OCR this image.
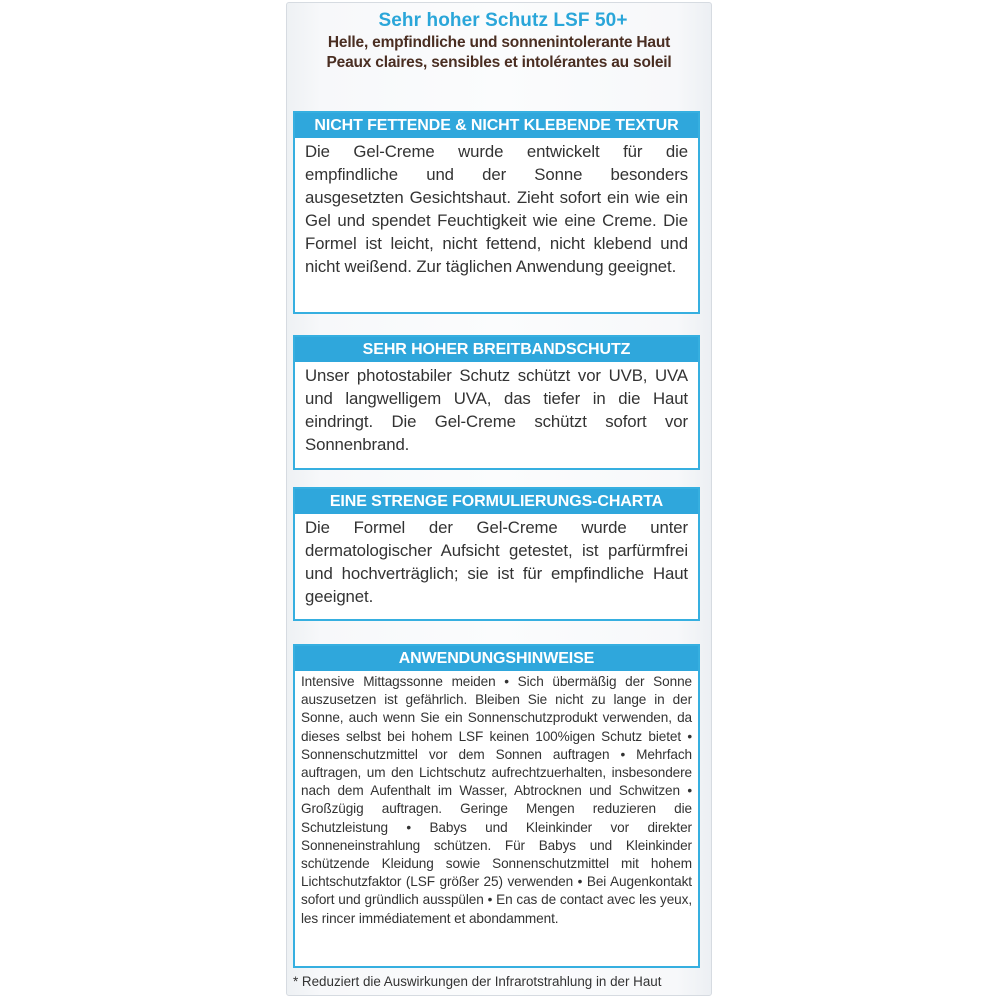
Sehr hoher Schutz LSF 50+
Helle, empfindliche und sonnenintolerante Haut
Peaux claires, sensibles et intolérantes au soleil
NICHT FETTENDE & NICHT KLEBENDE TEXTUR
Die Gel-Creme wurde entwickelt für die empfindliche und der Sonne besonders ausgesetzten Gesichtshaut. Zieht sofort ein wie ein Gel und spendet Feuchtigkeit wie eine Creme. Die Formel ist leicht, nicht fettend, nicht klebend und nicht weißend. Zur täglichen Anwendung geeignet.
SEHR HOHER BREITBANDSCHUTZ
Unser photostabiler Schutz schützt vor UVB, UVA und langwelligem UVA, das tiefer in die Haut eindringt. Die Gel-Creme schützt sofort vor Sonnenbrand.
EINE STRENGE FORMULIERUNGS-CHARTA
Die Formel der Gel-Creme wurde unter dermatologischer Aufsicht getestet, ist parfürmfrei und hochverträglich; sie ist für empfindliche Haut geeignet.
ANWENDUNGSHINWEISE
Intensive Mittagssonne meiden • Sich übermäßig der Sonne auszusetzen ist gefährlich. Bleiben Sie nicht zu lange in der Sonne, auch wenn Sie ein Sonnenschutzprodukt verwenden, da dieses selbst bei hohem LSF keinen 100%igen Schutz bietet • Sonnenschutzmittel vor dem Sonnen auftragen • Mehrfach auftragen, um den Lichtschutz aufrechtzuerhalten, insbesondere nach dem Aufenthalt im Wasser, Abtrocknen und Schwitzen • Großzügig auftragen. Geringe Mengen reduzieren die Schutzleistung • Babys und Kleinkinder vor direkter Sonneneinstrahlung schützen. Für Babys und Kleinkinder schützende Kleidung sowie Sonnenschutzmittel mit hohem Lichtschutzfaktor (LSF größer 25) verwenden • Bei Augenkontakt sofort und gründlich ausspülen • En cas de contact avec les yeux, les rincer immédiatement et abondamment.
* Reduziert die Auswirkungen der Infrarotstrahlung in der Haut
